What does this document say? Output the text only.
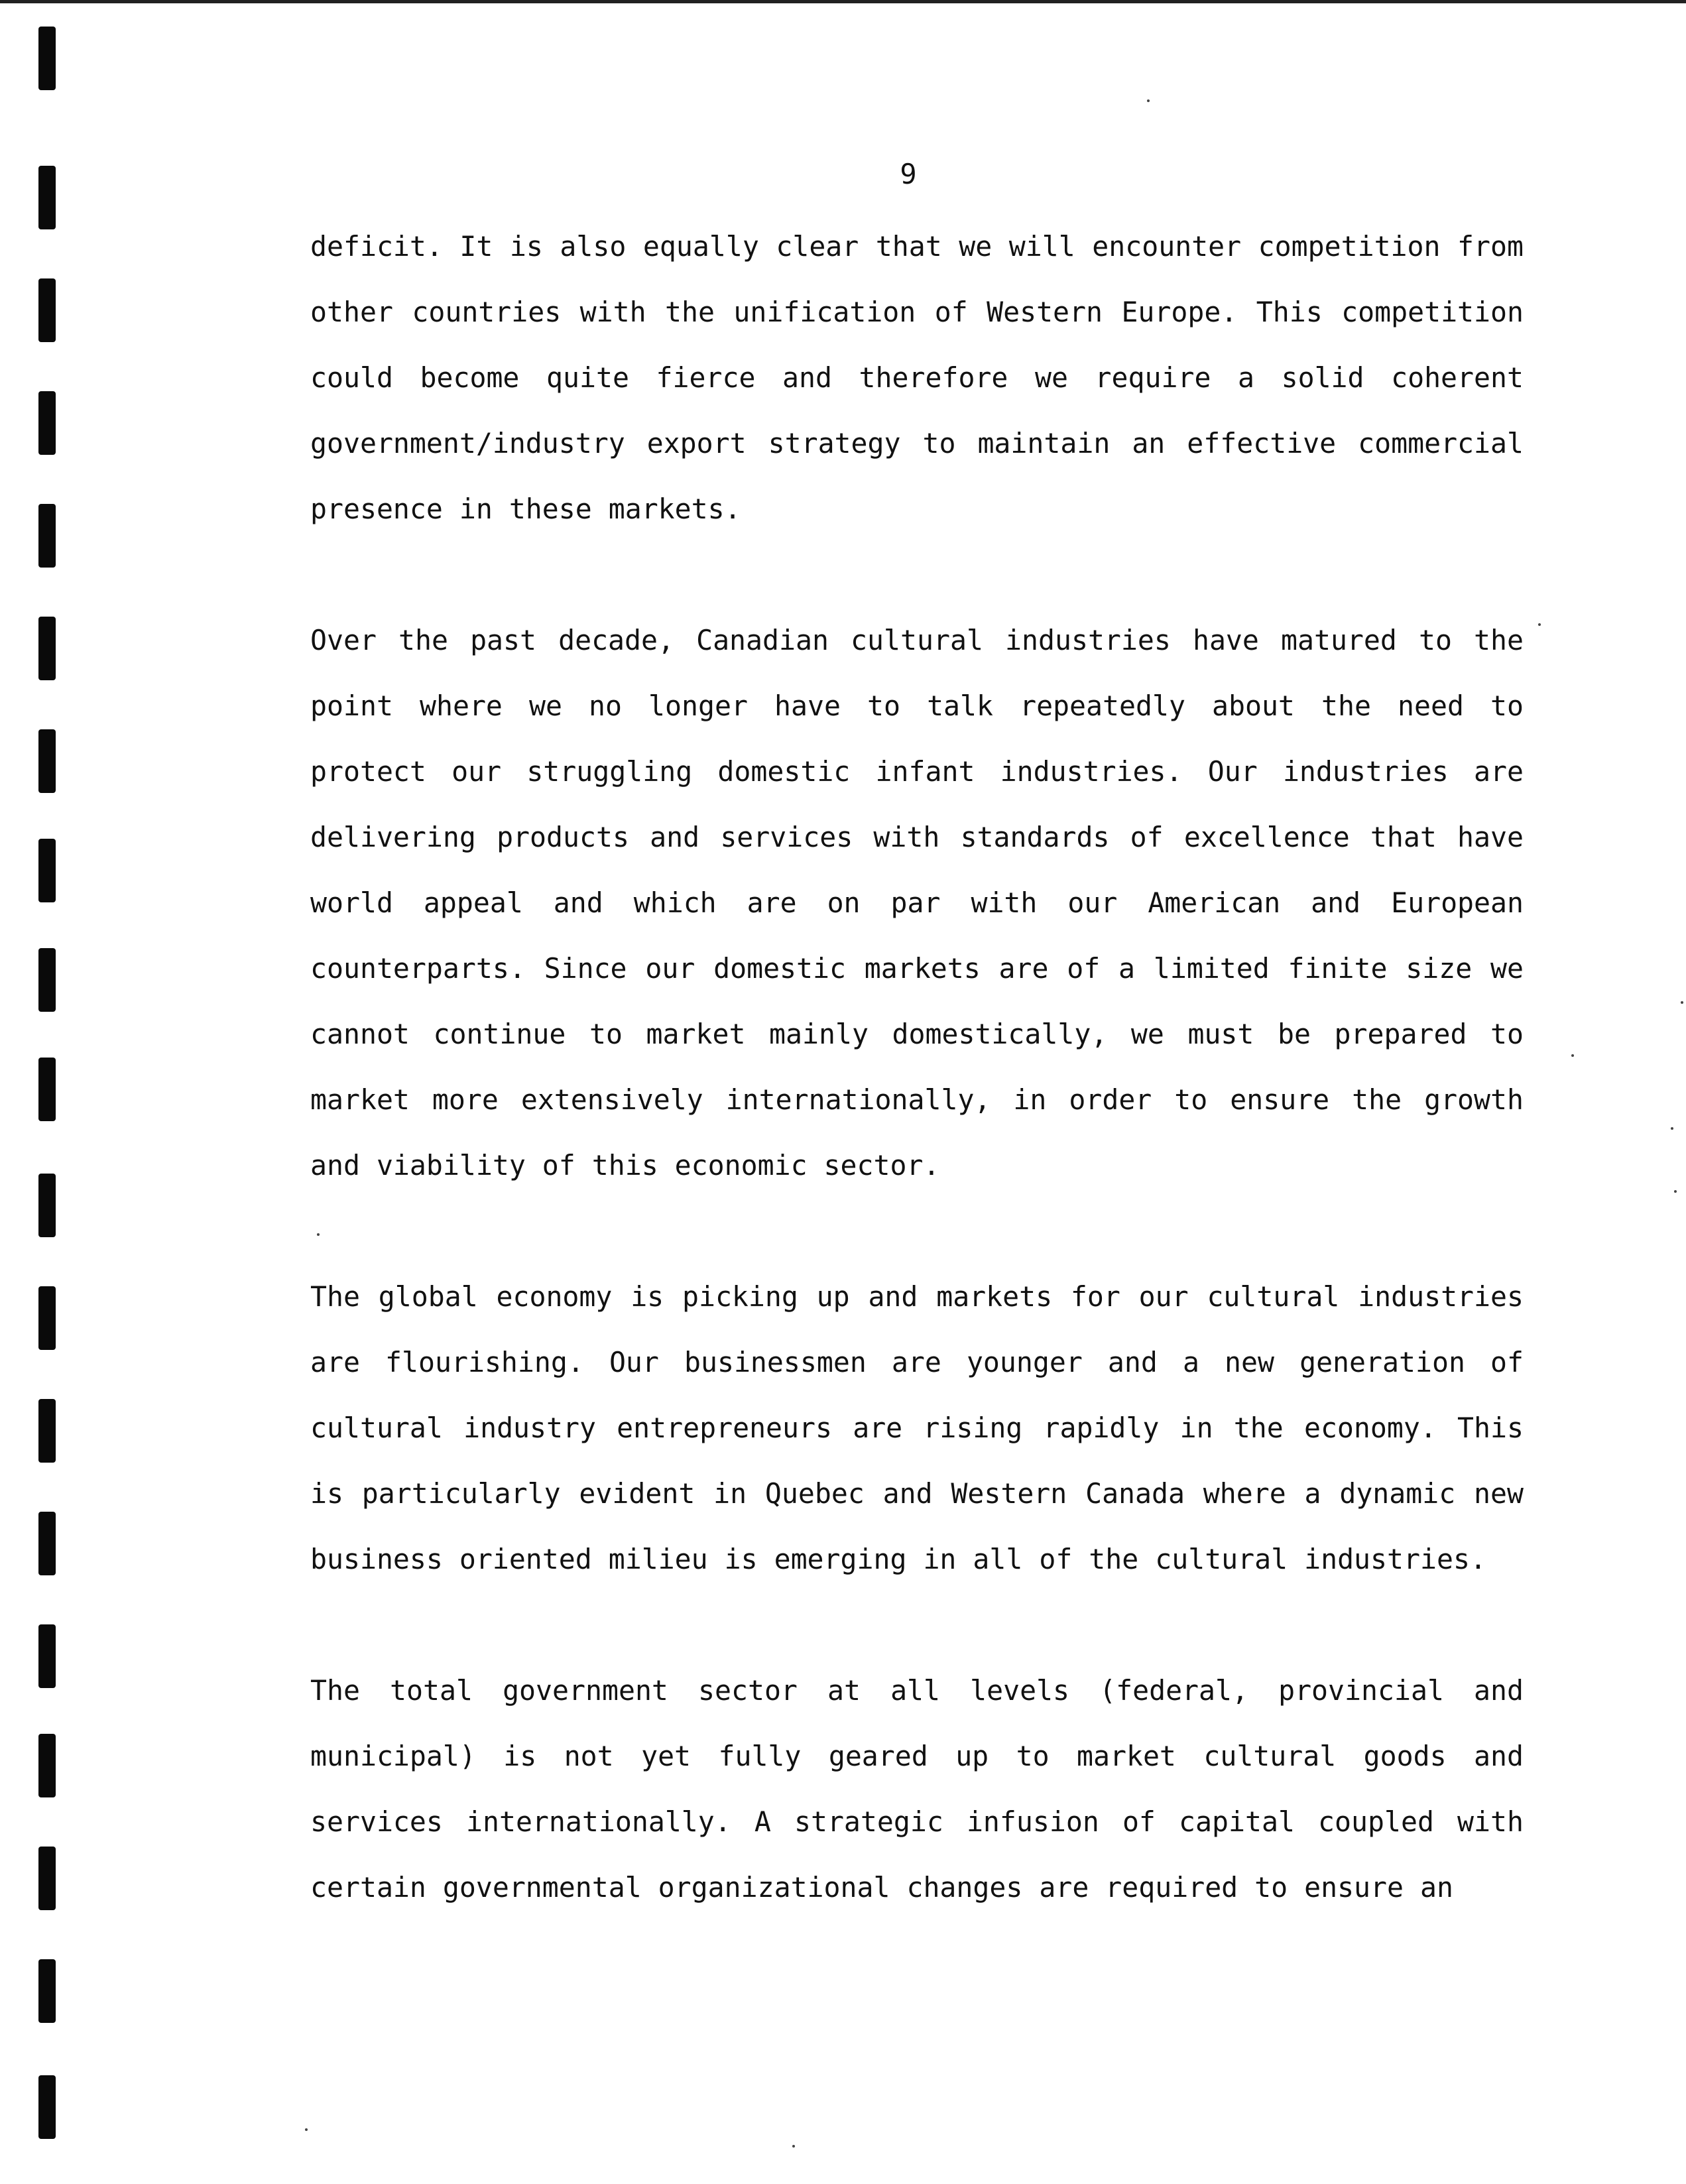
9

deficit. It is also equally clear that we will encounter competition from other countries with the unification of Western Europe. This competition could become quite fierce and therefore we require a solid coherent government/industry export strategy to maintain an effective commercial presence in these markets.

Over the past decade, Canadian cultural industries have matured to the point where we no longer have to talk repeatedly about the need to protect our struggling domestic infant industries. Our industries are delivering products and services with standards of excellence that have world appeal and which are on par with our American and European counterparts. Since our domestic markets are of a limited finite size we cannot continue to market mainly domestically, we must be prepared to market more extensively internationally, in order to ensure the growth and viability of this economic sector.

The global economy is picking up and markets for our cultural industries are flourishing. Our businessmen are younger and a new generation of cultural industry entrepreneurs are rising rapidly in the economy. This is particularly evident in Quebec and Western Canada where a dynamic new business oriented milieu is emerging in all of the cultural industries.

The total government sector at all levels (federal, provincial and municipal) is not yet fully geared up to market cultural goods and services internationally. A strategic infusion of capital coupled with certain governmental organizational changes are required to ensure an
